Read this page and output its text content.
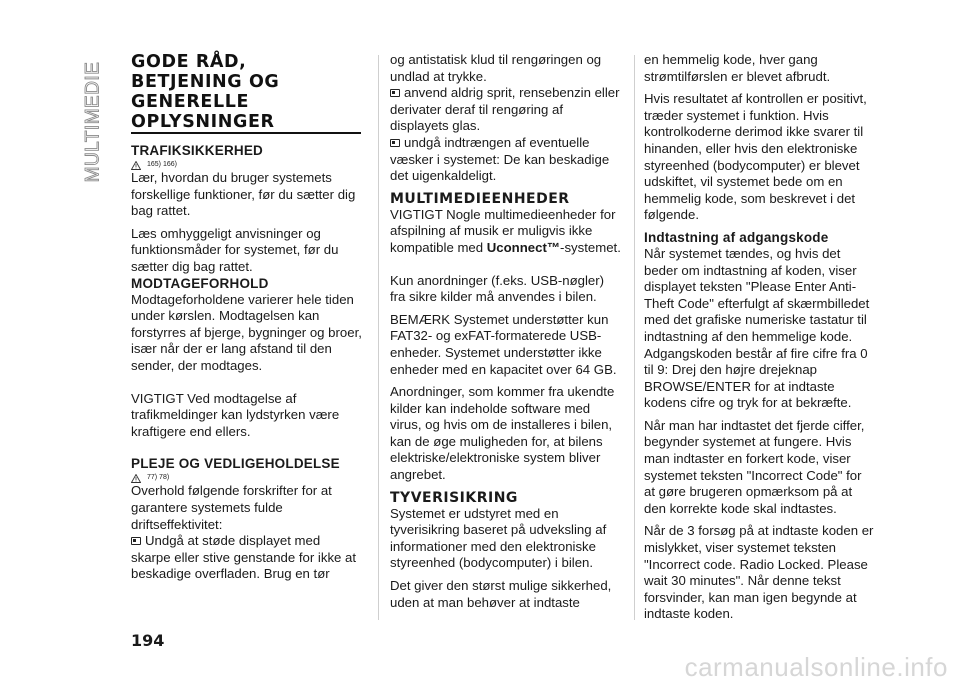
MULTIMEDIE GODE RÅD,
BETJENING OG
GENERELLE
OPLYSNINGER
TRAFIKSIKKERHED
165) 166)

Lær, hvordan du bruger systemets forskellige funktioner, før du sætter dig bag rattet.

Læs omhyggeligt anvisninger og funktionsmåder for systemet, før du sætter dig bag rattet.

MODTAGEFORHOLD

Modtageforholdene varierer hele tiden under kørslen. Modtagelsen kan forstyrres af bjerge, bygninger og broer, især når der er lang afstand til den sender, der modtages.

VIGTIGT Ved modtagelse af trafikmeldinger kan lydstyrken være kraftigere end ellers.

PLEJE OG VEDLIGEHOLDELSE
77) 78)

Overhold følgende forskrifter for at garantere systemets fulde driftseffektivitet:

Undgå at støde displayet med skarpe eller stive genstande for ikke at beskadige overfladen. Brug en tør

og antistatisk klud til rengøringen og undlad at trykke.

anvend aldrig sprit, rensebenzin eller derivater deraf til rengøring af displayets glas.

undgå indtrængen af eventuelle væsker i systemet: De kan beskadige det uigenkaldeligt.

MULTIMEDIEENHEDER

VIGTIGT Nogle multimedieenheder for afspilning af musik er muligvis ikke kompatible med Uconnect™-systemet.

Kun anordninger (f.eks. USB-nøgler) fra sikre kilder må anvendes i bilen.

BEMÆRK Systemet understøtter kun FAT32- og exFAT-formaterede USB-enheder. Systemet understøtter ikke enheder med en kapacitet over 64 GB.

Anordninger, som kommer fra ukendte kilder kan indeholde software med virus, og hvis om de installeres i bilen, kan de øge muligheden for, at bilens elektriske/elektroniske system bliver angrebet.

TYVERISIKRING

Systemet er udstyret med en tyverisikring baseret på udveksling af informationer med den elektroniske styreenhed (bodycomputer) i bilen.

Det giver den størst mulige sikkerhed, uden at man behøver at indtaste

en hemmelig kode, hver gang strømtilførslen er blevet afbrudt.

Hvis resultatet af kontrollen er positivt, træder systemet i funktion. Hvis kontrolkoderne derimod ikke svarer til hinanden, eller hvis den elektroniske styreenhed (bodycomputer) er blevet udskiftet, vil systemet bede om en hemmelig kode, som beskrevet i det følgende.

Indtastning af adgangskode

Når systemet tændes, og hvis det beder om indtastning af koden, viser displayet teksten "Please Enter Anti-Theft Code" efterfulgt af skærmbilledet med det grafiske numeriske tastatur til indtastning af den hemmelige kode. Adgangskoden består af fire cifre fra 0 til 9: Drej den højre drejeknap BROWSE/ENTER for at indtaste kodens cifre og tryk for at bekræfte.

Når man har indtastet det fjerde ciffer, begynder systemet at fungere. Hvis man indtaster en forkert kode, viser systemet teksten "Incorrect Code" for at gøre brugeren opmærksom på at den korrekte kode skal indtastes.

Når de 3 forsøg på at indtaste koden er mislykket, viser systemet teksten "Incorrect code. Radio Locked. Please wait 30 minutes". Når denne tekst forsvinder, kan man igen begynde at indtaste koden.

194
carmanualsonline.info
